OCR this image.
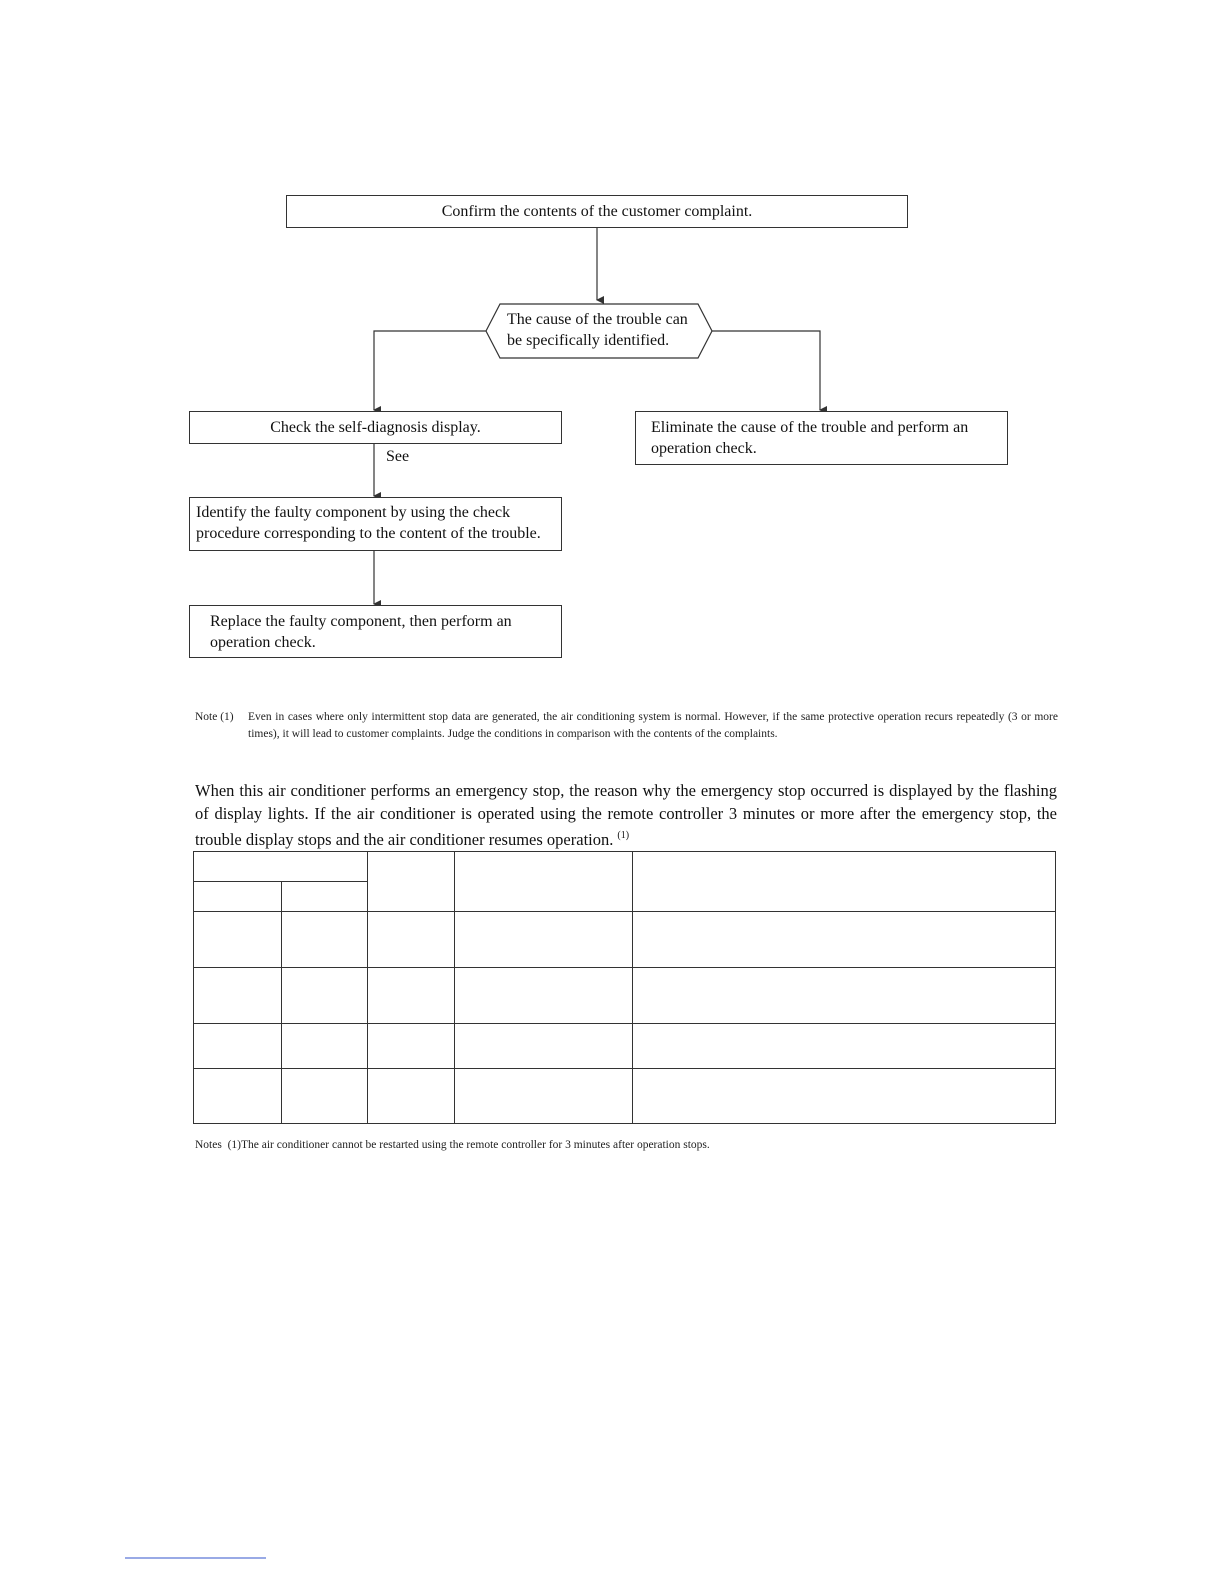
Confirm the contents of the customer complaint.
The cause of the trouble can be specifically identified.
Check the self-diagnosis display.
See
Identify the faulty component by using the check procedure corresponding to the content of the trouble.
Replace the faulty component, then perform an operation check.
Eliminate the cause of the trouble and perform an operation check.
Note (1) Even in cases where only intermittent stop data are generated, the air conditioning system is normal. However, if the same protective operation recurs repeatedly (3 or more times), it will lead to customer complaints. Judge the conditions in comparison with the contents of the complaints.
When this air conditioner performs an emergency stop, the reason why the emergency stop occurred is displayed by the flashing of display lights. If the air conditioner is operated using the remote controller 3 minutes or more after the emergency stop, the trouble display stops and the air conditioner resumes operation. $^{(1)}$

Notes  (1)The air conditioner cannot be restarted using the remote controller for 3 minutes after operation stops.
